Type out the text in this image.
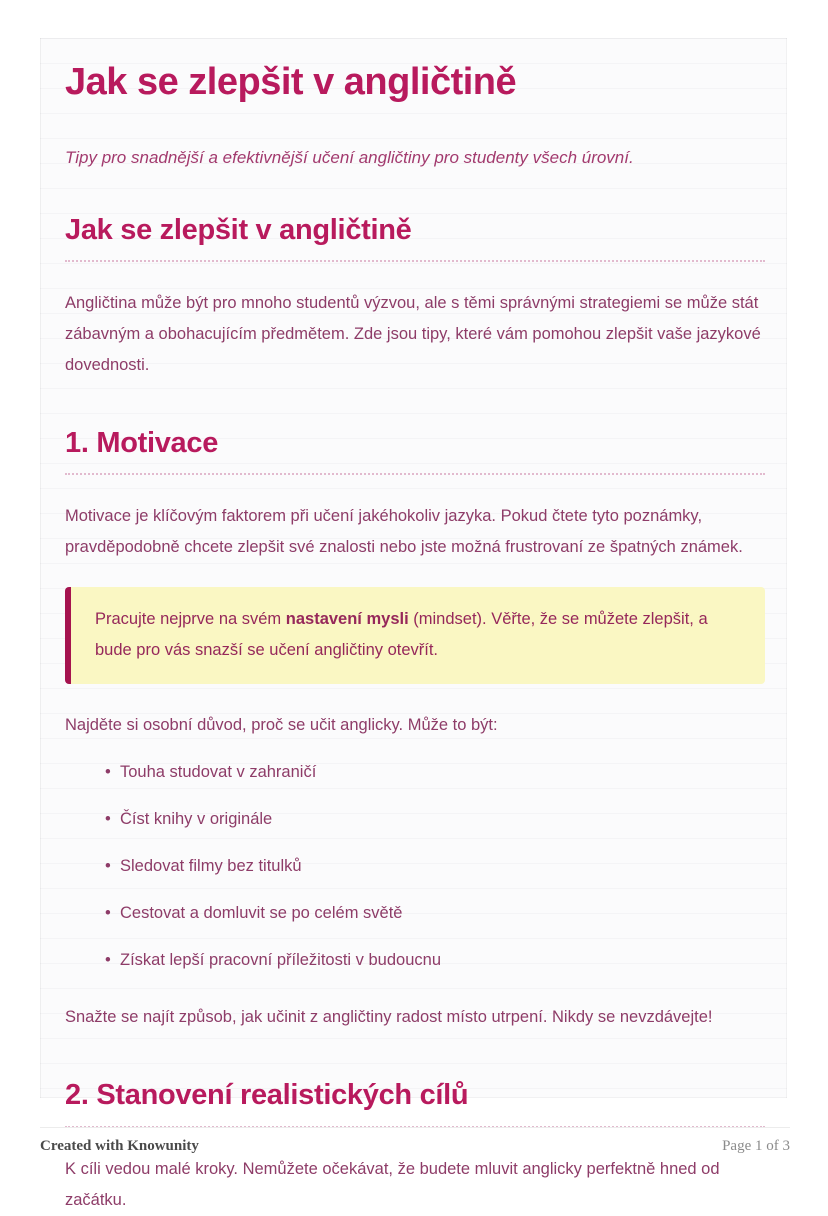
Jak se zlepšit v angličtině

Tipy pro snadnější a efektivnější učení angličtiny pro studenty všech úrovní.

Jak se zlepšit v angličtině

Angličtina může být pro mnoho studentů výzvou, ale s těmi správnými strategiemi se může stát zábavným a obohacujícím předmětem. Zde jsou tipy, které vám pomohou zlepšit vaše jazykové dovednosti.

1. Motivace

Motivace je klíčovým faktorem při učení jakéhokoliv jazyka. Pokud čtete tyto poznámky, pravděpodobně chcete zlepšit své znalosti nebo jste možná frustrovaní ze špatných známek.

Pracujte nejprve na svém nastavení mysli (mindset). Věřte, že se můžete zlepšit, a bude pro vás snazší se učení angličtiny otevřít.

Najděte si osobní důvod, proč se učit anglicky. Může to být:

• Touha studovat v zahraničí
• Číst knihy v originále
• Sledovat filmy bez titulků
• Cestovat a domluvit se po celém světě
• Získat lepší pracovní příležitosti v budoucnu

Snažte se najít způsob, jak učinit z angličtiny radost místo utrpení. Nikdy se nevzdávejte!

2. Stanovení realistických cílů

K cíli vedou malé kroky. Nemůžete očekávat, že budete mluvit anglicky perfektně hned od začátku.

Created with Knowunity	Page 1 of 3
